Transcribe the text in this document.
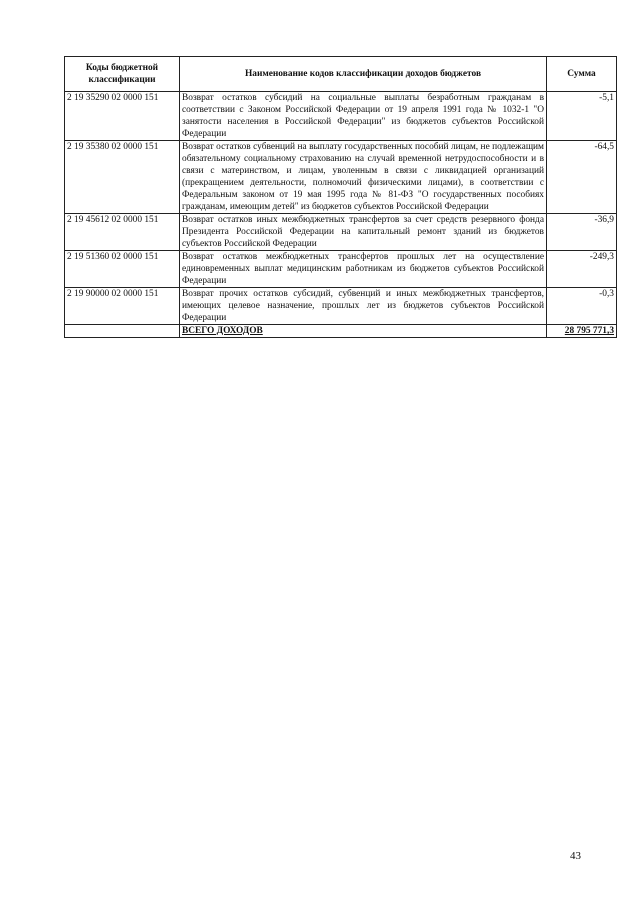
Коды бюджетной классификации	Наименование кодов классификации доходов бюджетов	Сумма
2 19 35290 02 0000 151	Возврат остатков субсидий на социальные выплаты безработным гражданам в соответствии с Законом Российской Федерации от 19 апреля 1991 года № 1032-1 "О занятости населения в Российской Федерации" из бюджетов субъектов Российской Федерации	-5,1
2 19 35380 02 0000 151	Возврат остатков субвенций на выплату государственных пособий лицам, не подлежащим обязательному социальному страхованию на случай временной нетрудоспособности и в связи с материнством, и лицам, уволенным в связи с ликвидацией организаций (прекращением деятельности, полномочий физическими лицами), в соответствии с Федеральным законом от 19 мая 1995 года № 81-ФЗ "О государственных пособиях гражданам, имеющим детей" из бюджетов субъектов Российской Федерации	-64,5
2 19 45612 02 0000 151	Возврат остатков иных межбюджетных трансфертов за счет средств резервного фонда Президента Российской Федерации на капитальный ремонт зданий из бюджетов субъектов Российской Федерации	-36,9
2 19 51360 02 0000 151	Возврат остатков межбюджетных трансфертов прошлых лет на осуществление единовременных выплат медицинским работникам из бюджетов субъектов Российской Федерации	-249,3
2 19 90000 02 0000 151	Возврат прочих остатков субсидий, субвенций и иных межбюджетных трансфертов, имеющих целевое назначение, прошлых лет из бюджетов субъектов Российской Федерации	-0,3
	ВСЕГО ДОХОДОВ	28 795 771,3
43
